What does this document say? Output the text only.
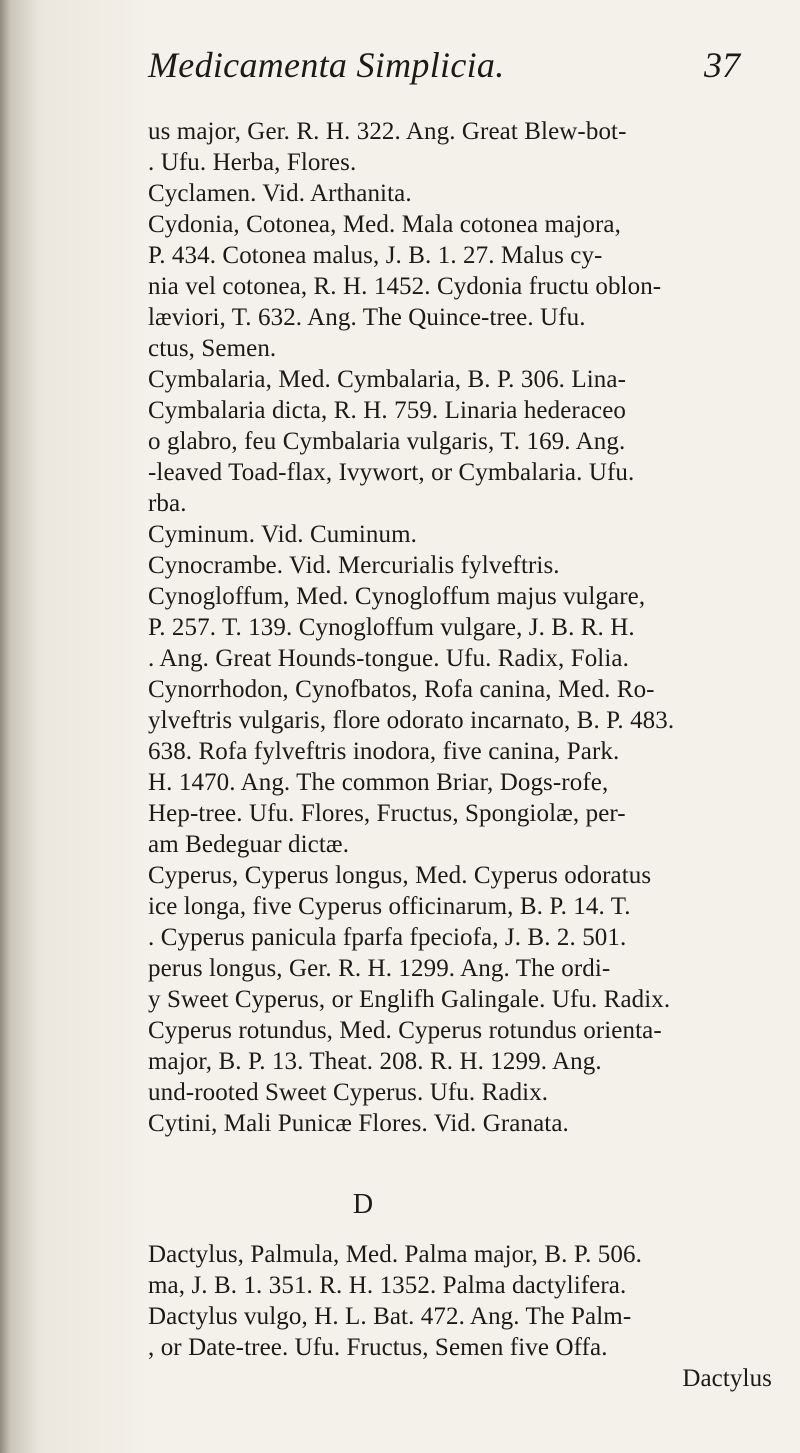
Medicamenta Simplicia.	37
us major, Ger. R. H. 322. Ang. Great Blew-bot-
. Ufu. Herba, Flores.
Cyclamen. Vid. Arthanita.
Cydonia, Cotonea, Med. Mala cotonea majora,
P. 434. Cotonea malus, J. B. 1. 27. Malus cy-
nia vel cotonea, R. H. 1452. Cydonia fructu oblon-
læviori, T. 632. Ang. The Quince-tree. Ufu.
ctus, Semen.
Cymbalaria, Med. Cymbalaria, B. P. 306. Lina-
Cymbalaria dicta, R. H. 759. Linaria hederaceo
o glabro, feu Cymbalaria vulgaris, T. 169. Ang.
-leaved Toad-flax, Ivywort, or Cymbalaria. Ufu.
rba.
Cyminum. Vid. Cuminum.
Cynocrambe. Vid. Mercurialis fylveftris.
Cynogloffum, Med. Cynogloffum majus vulgare,
P. 257. T. 139. Cynogloffum vulgare, J. B. R. H.
. Ang. Great Hounds-tongue. Ufu. Radix, Folia.
Cynorrhodon, Cynofbatos, Rofa canina, Med. Ro-
ylveftris vulgaris, flore odorato incarnato, B. P. 483.
638. Rofa fylveftris inodora, five canina, Park.
H. 1470. Ang. The common Briar, Dogs-rofe,
Hep-tree. Ufu. Flores, Fructus, Spongiolæ, per-
am Bedeguar dictæ.
Cyperus, Cyperus longus, Med. Cyperus odoratus
ice longa, five Cyperus officinarum, B. P. 14. T.
. Cyperus panicula fparfa fpeciofa, J. B. 2. 501.
perus longus, Ger. R. H. 1299. Ang. The ordi-
y Sweet Cyperus, or Englifh Galingale. Ufu. Radix.
Cyperus rotundus, Med. Cyperus rotundus orienta-
major, B. P. 13. Theat. 208. R. H. 1299. Ang.
und-rooted Sweet Cyperus. Ufu. Radix.
Cytini, Mali Punicæ Flores. Vid. Granata.
D
Dactylus, Palmula, Med. Palma major, B. P. 506.
ma, J. B. 1. 351. R. H. 1352. Palma dactylifera.
Dactylus vulgo, H. L. Bat. 472. Ang. The Palm-
, or Date-tree. Ufu. Fructus, Semen five Offa.
Dactylus
